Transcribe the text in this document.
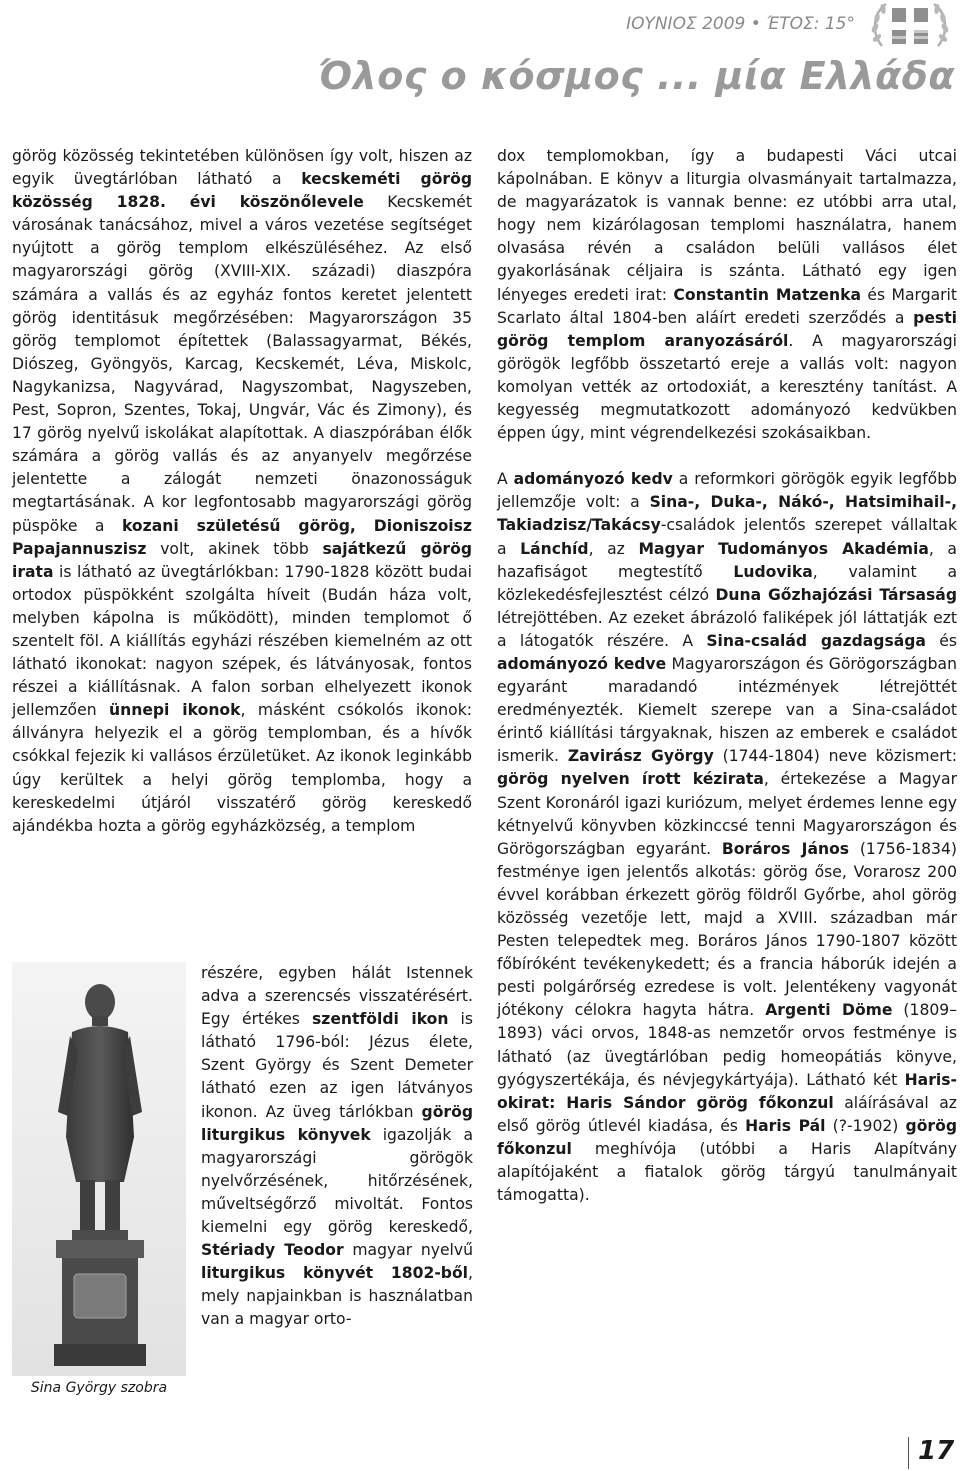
ΙΟΥΝΙΟΣ 2009 • ΈΤΟΣ: 15°
Όλος ο κόσμος ... μία Ελλάδα

görög közösség tekintetében különösen így volt, hiszen az egyik üvegtárlóban látható a kecskeméti görög közösség 1828. évi köszönőlevele Kecskemét városának tanácsához, mivel a város vezetése segítséget nyújtott a görög templom elkészüléséhez. Az első magyarországi görög (XVIII-XIX. századi) diaszpóra számára a vallás és az egyház fontos keretet jelentett görög identitásuk megőrzésében: Magyarországon 35 görög templomot építettek (Balassagyarmat, Békés, Diószeg, Gyöngyös, Karcag, Kecskemét, Léva, Miskolc, Nagykanizsa, Nagyvárad, Nagyszombat, Nagyszeben, Pest, Sopron, Szentes, Tokaj, Ungvár, Vác és Zimony), és 17 görög nyelvű iskolákat alapítottak. A diaszpórában élők számára a görög vallás és az anyanyelv megőrzése jelentette a zálogát nemzeti önazonosságuk megtartásának. A kor legfontosabb magyarországi görög püspöke a kozani születésű görög, Dioniszoisz Papajannuszisz volt, akinek több sajátkezű görög irata is látható az üvegtárlókban: 1790-1828 között budai ortodox püspökként szolgálta híveit (Budán háza volt, melyben kápolna is működött), minden templomot ő szentelt föl. A kiállítás egyházi részében kiemelném az ott látható ikonokat: nagyon szépek, és látványosak, fontos részei a kiállításnak. A falon sorban elhelyezett ikonok jellemzően ünnepi ikonok, másként csókolós ikonok: állványra helyezik el a görög templomban, és a hívők csókkal fejezik ki vallásos érzületüket. Az ikonok leginkább úgy kerültek a helyi görög templomba, hogy a kereskedelmi útjáról visszatérő görög kereskedő ajándékba hozta a görög egyházközség, a templom

Sina György szobra

részére, egyben hálát Istennek adva a szerencsés visszatérésért. Egy értékes szentföldi ikon is látható 1796-ból: Jézus élete, Szent György és Szent Demeter látható ezen az igen látványos ikonon. Az üveg tárlókban görög liturgikus könyvek igazolják a magyarországi görögök nyelvőrzésének, hitőrzésének, műveltségőrző mivoltát. Fontos kiemelni egy görög kereskedő, Stériady Teodor magyar nyelvű liturgikus könyvét 1802-ből, mely napjainkban is használatban van a magyar orto-

dox templomokban, így a budapesti Váci utcai kápolnában. E könyv a liturgia olvasmányait tartalmazza, de magyarázatok is vannak benne: ez utóbbi arra utal, hogy nem kizárólagosan templomi használatra, hanem olvasása révén a családon belüli vallásos élet gyakorlásának céljaira is szánta. Látható egy igen lényeges eredeti irat: Constantin Matzenka és Margarit Scarlato által 1804-ben aláírt eredeti szerződés a pesti görög templom aranyozásáról. A magyarországi görögök legfőbb összetartó ereje a vallás volt: nagyon komolyan vették az ortodoxiát, a keresztény tanítást. A kegyesség megmutatkozott adományozó kedvükben éppen úgy, mint végrendelkezési szokásaikban.

A adományozó kedv a reformkori görögök egyik legfőbb jellemzője volt: a Sina-, Duka-, Nákó-, Hatsimihail-, Takiadzisz/Takácsy-családok jelentős szerepet vállaltak a Lánchíd, az Magyar Tudományos Akadémia, a hazafiságot megtestítő Ludovika, valamint a közlekedésfejlesztést célzó Duna Gőzhajózási Társaság létrejöttében. Az ezeket ábrázoló faliképek jól láttatják ezt a látogatók részére. A Sina-család gazdagsága és adományozó kedve Magyarországon és Görögországban egyaránt maradandó intézmények létrejöttét eredményezték. Kiemelt szerepe van a Sina-családot érintő kiállítási tárgyaknak, hiszen az emberek e családot ismerik. Zavirász György (1744-1804) neve közismert: görög nyelven írott kézirata, értekezése a Magyar Szent Koronáról igazi kuriózum, melyet érdemes lenne egy kétnyelvű könyvben közkinccsé tenni Magyarországon és Görögországban egyaránt. Boráros János (1756-1834) festménye igen jelentős alkotás: görög őse, Vorarosz 200 évvel korábban érkezett görög földről Győrbe, ahol görög közösség vezetője lett, majd a XVIII. században már Pesten telepedtek meg. Boráros János 1790-1807 között főbíróként tevékenykedett; és a francia háborúk idején a pesti polgárőrség ezredese is volt. Jelentékeny vagyonát jótékony célokra hagyta hátra. Argenti Döme (1809–1893) váci orvos, 1848-as nemzetőr orvos festménye is látható (az üvegtárlóban pedig homeopátiás könyve, gyógyszertékája, és névjegykártyája). Látható két Haris-okirat: Haris Sándor görög főkonzul aláírásával az első görög útlevél kiadása, és Haris Pál (?-1902) görög főkonzul meghívója (utóbbi a Haris Alapítvány alapítójaként a fiatalok görög tárgyú tanulmányait támogatta).

17
